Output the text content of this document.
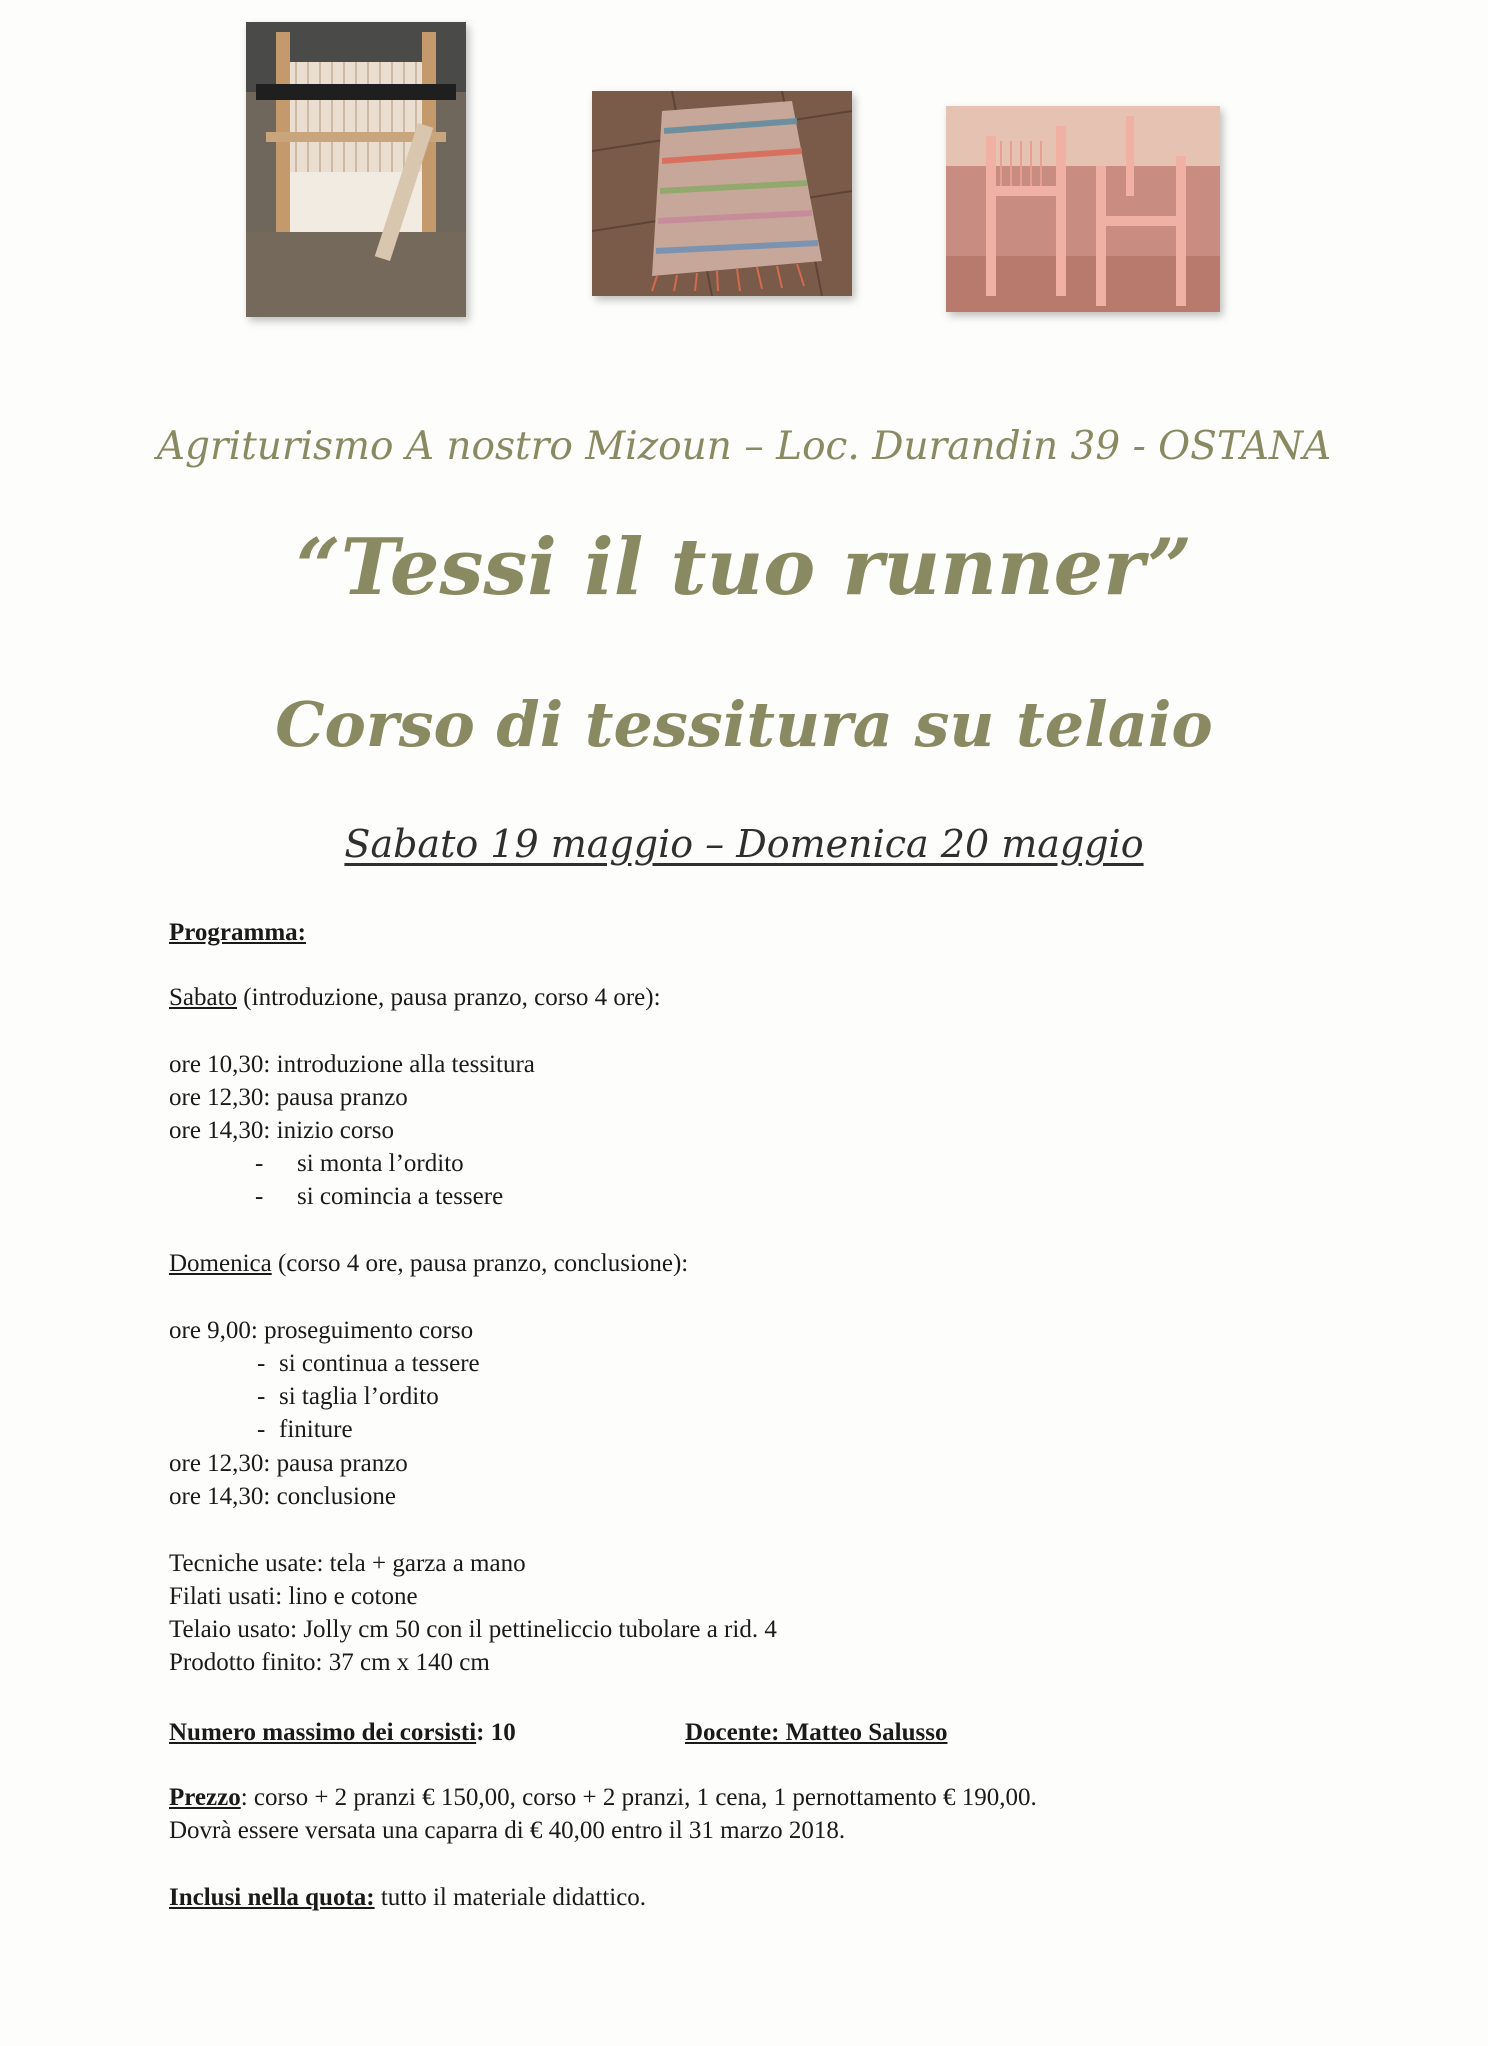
Agriturismo A nostro Mizoun – Loc. Durandin 39 - OSTANA
“Tessi il tuo runner”
Corso di tessitura su telaio
Sabato 19 maggio – Domenica 20 maggio
Programma:
Sabato (introduzione, pausa pranzo, corso 4 ore):
ore 10,30: introduzione alla tessitura
ore 12,30: pausa pranzo
ore 14,30: inizio corso
- si monta l’ordito
- si comincia a tessere
Domenica (corso 4 ore, pausa pranzo, conclusione):
ore 9,00: proseguimento corso
- si continua a tessere
- si taglia l’ordito
- finiture
ore 12,30: pausa pranzo
ore 14,30: conclusione
Tecniche usate: tela + garza a mano
Filati usati: lino e cotone
Telaio usato: Jolly cm 50 con il pettineliccio tubolare a rid. 4
Prodotto finito: 37 cm x 140 cm
Numero massimo dei corsisti: 10	Docente: Matteo Salusso
Prezzo: corso + 2 pranzi € 150,00, corso + 2 pranzi, 1 cena, 1 pernottamento € 190,00.
Dovrà essere versata una caparra di € 40,00 entro il 31 marzo 2018.
Inclusi nella quota: tutto il materiale didattico.
